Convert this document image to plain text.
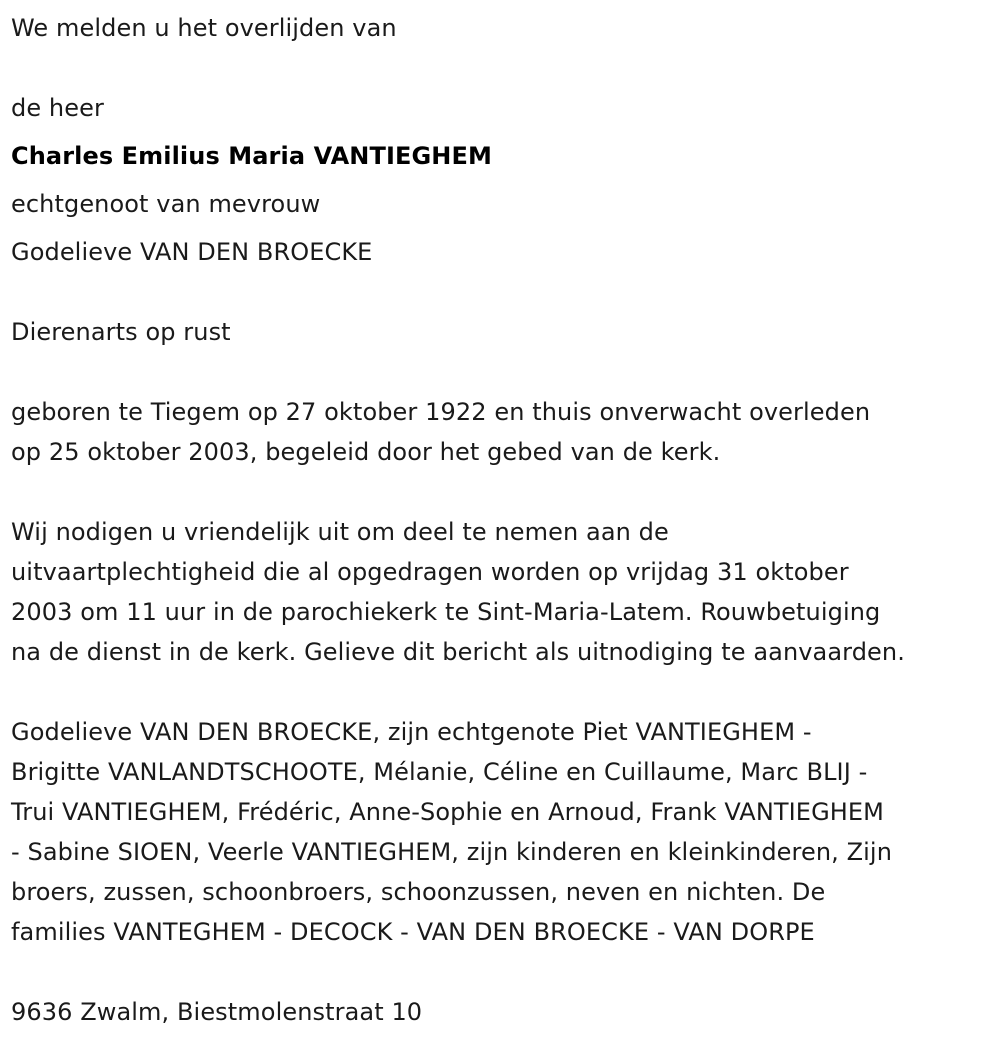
We melden u het overlijden van

de heer

Charles Emilius Maria VANTIEGHEM

echtgenoot van mevrouw

Godelieve VAN DEN BROECKE

Dierenarts op rust

geboren te Tiegem op 27 oktober 1922 en thuis onverwacht overleden

op 25 oktober 2003, begeleid door het gebed van de kerk.

Wij nodigen u vriendelijk uit om deel te nemen aan de

uitvaartplechtigheid die al opgedragen worden op vrijdag 31 oktober

2003 om 11 uur in de parochiekerk te Sint-Maria-Latem. Rouwbetuiging

na de dienst in de kerk. Gelieve dit bericht als uitnodiging te aanvaarden.

Godelieve VAN DEN BROECKE, zijn echtgenote Piet VANTIEGHEM -

Brigitte VANLANDTSCHOOTE, Mélanie, Céline en Cuillaume, Marc BLIJ -

Trui VANTIEGHEM, Frédéric, Anne-Sophie en Arnoud, Frank VANTIEGHEM

- Sabine SIOEN, Veerle VANTIEGHEM, zijn kinderen en kleinkinderen, Zijn

broers, zussen, schoonbroers, schoonzussen, neven en nichten. De

families VANTEGHEM - DECOCK - VAN DEN BROECKE - VAN DORPE

9636 Zwalm, Biestmolenstraat 10
